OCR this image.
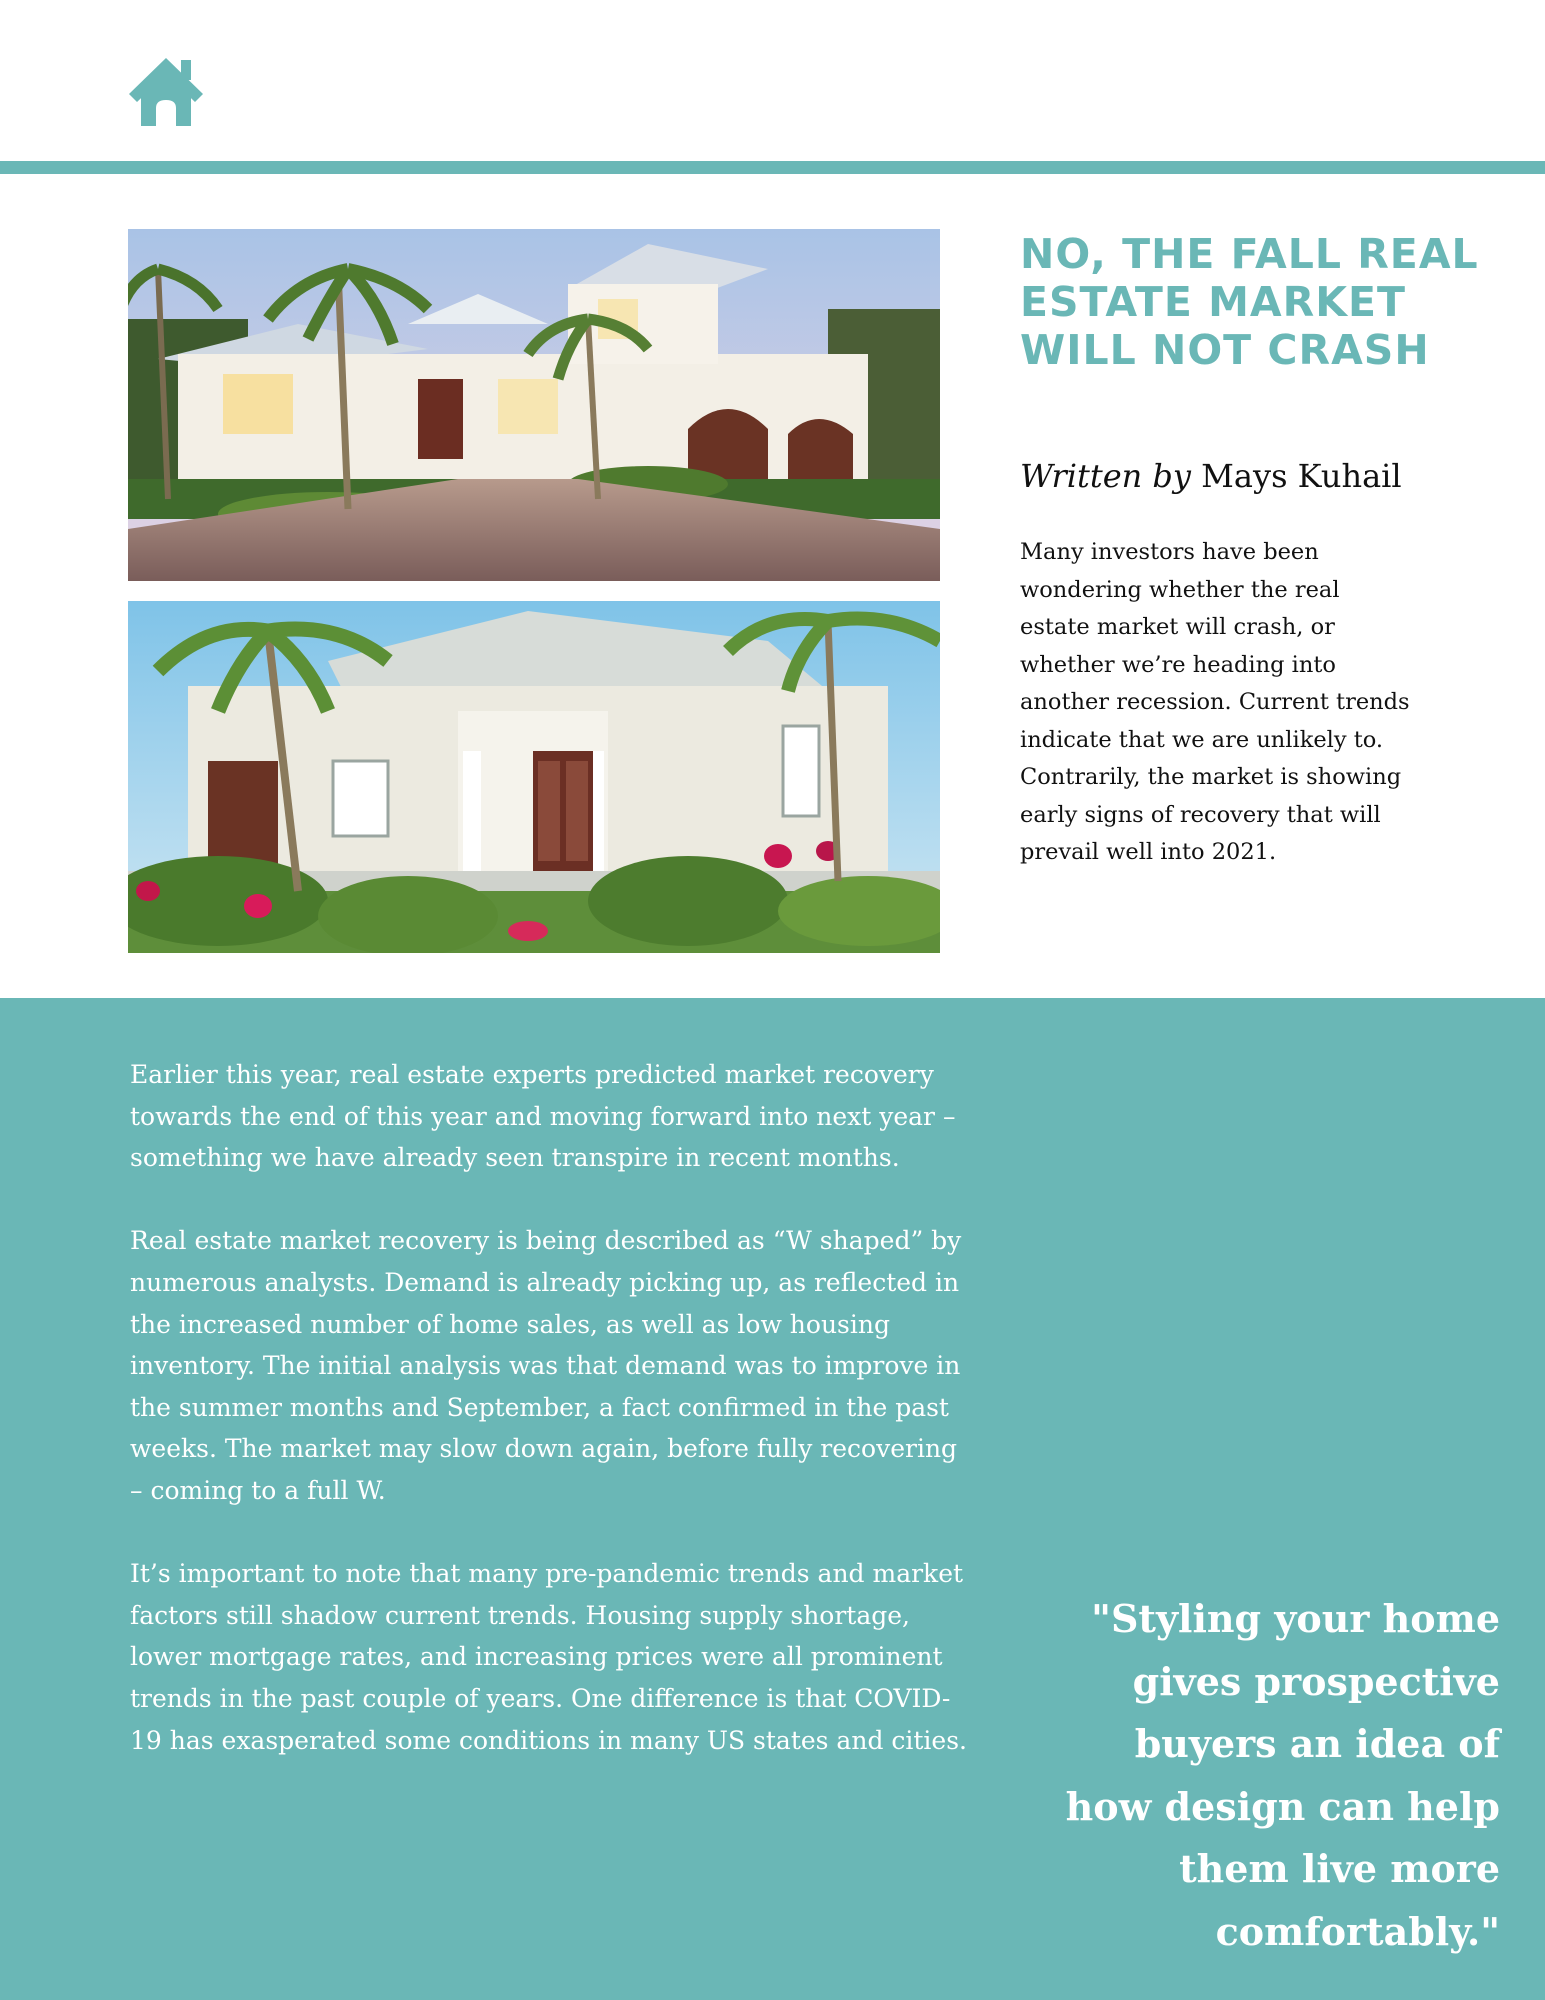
NO, THE FALL REAL ESTATE MARKET WILL NOT CRASH

Written by Mays Kuhail

Many investors have been wondering whether the real estate market will crash, or whether we’re heading into another recession. Current trends indicate that we are unlikely to. Contrarily, the market is showing early signs of recovery that will prevail well into 2021.

Earlier this year, real estate experts predicted market recovery towards the end of this year and moving forward into next year – something we have already seen transpire in recent months.

Real estate market recovery is being described as “W shaped” by numerous analysts. Demand is already picking up, as reflected in the increased number of home sales, as well as low housing inventory. The initial analysis was that demand was to improve in the summer months and September, a fact confirmed in the past weeks. The market may slow down again, before fully recovering – coming to a full W.

It’s important to note that many pre-pandemic trends and market factors still shadow current trends. Housing supply shortage, lower mortgage rates, and increasing prices were all prominent trends in the past couple of years. One difference is that COVID-19 has exasperated some conditions in many US states and cities.

"Styling your home gives prospective buyers an idea of how design can help them live more comfortably."
